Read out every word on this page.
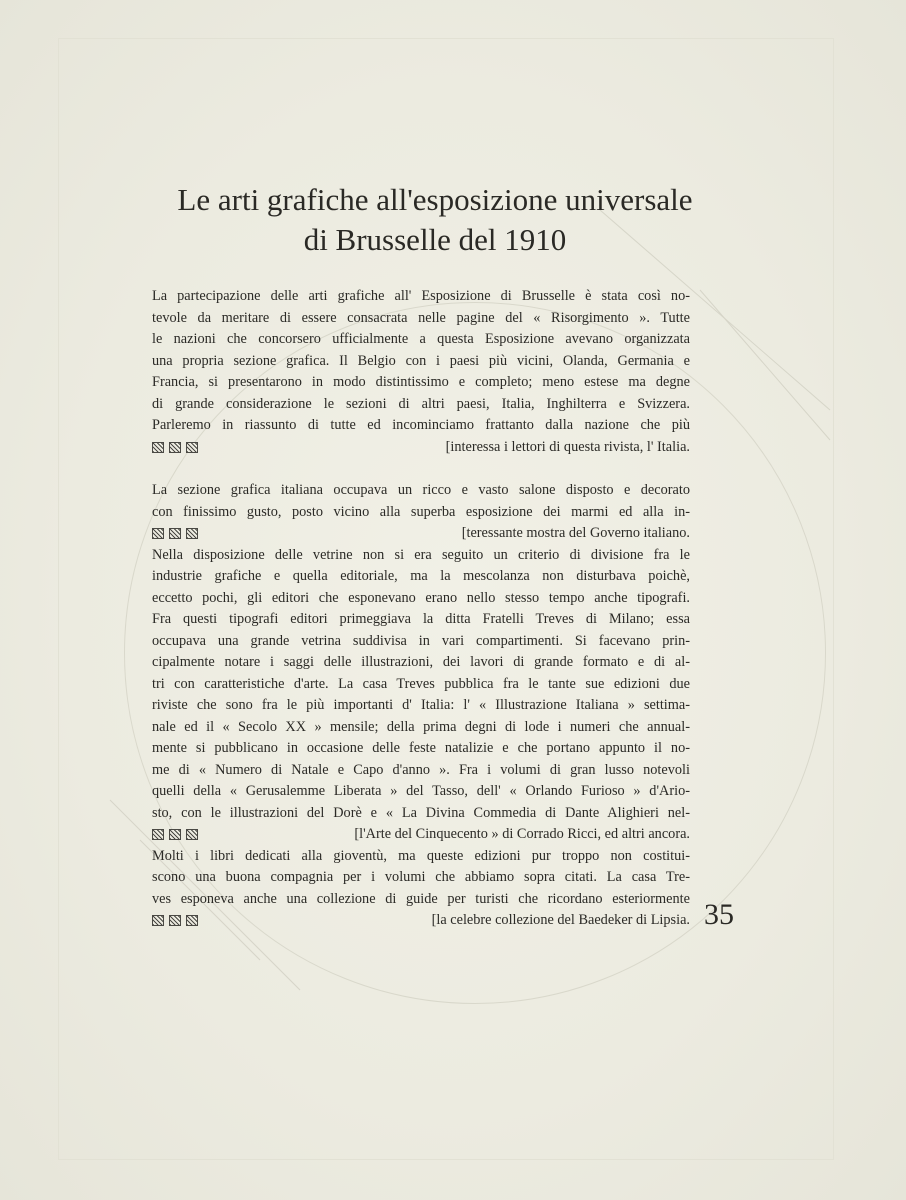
Le arti grafiche all'esposizione universale
di Brusselle del 1910
La partecipazione delle arti grafiche all' Esposizione di Brusselle è stata così no-
tevole da meritare di essere consacrata nelle pagine del « Risorgimento ». Tutte
le nazioni che concorsero ufficialmente a questa Esposizione avevano organizzata
una propria sezione grafica. Il Belgio con i paesi più vicini, Olanda, Germania e
Francia, si presentarono in modo distintissimo e completo; meno estese ma degne
di grande considerazione le sezioni di altri paesi, Italia, Inghilterra e Svizzera.
Parleremo in riassunto di tutte ed incominciamo frattanto dalla nazione che più
[interessa i lettori di questa rivista, l' Italia.
La sezione grafica italiana occupava un ricco e vasto salone disposto e decorato
con finissimo gusto, posto vicino alla superba esposizione dei marmi ed alla in-
[teressante mostra del Governo italiano.
Nella disposizione delle vetrine non si era seguito un criterio di divisione fra le
industrie grafiche e quella editoriale, ma la mescolanza non disturbava poichè,
eccetto pochi, gli editori che esponevano erano nello stesso tempo anche tipografi.
Fra questi tipografi editori primeggiava la ditta Fratelli Treves di Milano; essa
occupava una grande vetrina suddivisa in vari compartimenti. Si facevano prin-
cipalmente notare i saggi delle illustrazioni, dei lavori di grande formato e di al-
tri con caratteristiche d'arte. La casa Treves pubblica fra le tante sue edizioni due
riviste che sono fra le più importanti d' Italia: l' « Illustrazione Italiana » settima-
nale ed il « Secolo XX » mensile; della prima degni di lode i numeri che annual-
mente si pubblicano in occasione delle feste natalizie e che portano appunto il no-
me di « Numero di Natale e Capo d'anno ». Fra i volumi di gran lusso notevoli
quelli della « Gerusalemme Liberata » del Tasso, dell' « Orlando Furioso » d'Ario-
sto, con le illustrazioni del Dorè e « La Divina Commedia di Dante Alighieri nel-
[l'Arte del Cinquecento » di Corrado Ricci, ed altri ancora.
Molti i libri dedicati alla gioventù, ma queste edizioni pur troppo non costitui-
scono una buona compagnia per i volumi che abbiamo sopra citati. La casa Tre-
ves esponeva anche una collezione di guide per turisti che ricordano esteriormente
[la celebre collezione del Baedeker di Lipsia. 35
